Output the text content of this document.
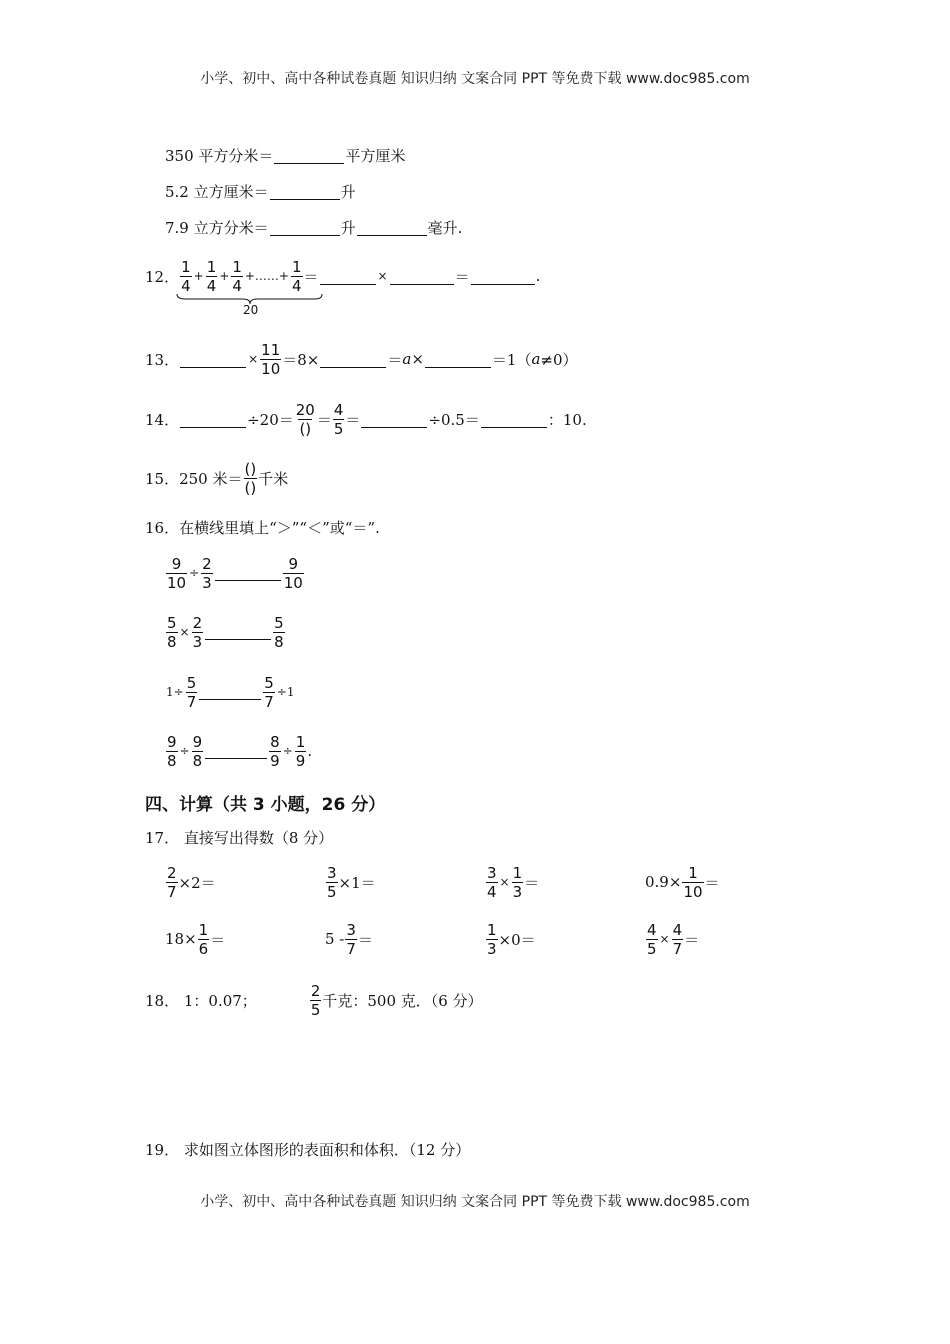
小学、初中、高中各种试卷真题 知识归纳 文案合同 PPT 等免费下载 www.doc985.com
350 平方分米＝	平方厘米
5.2 立方厘米＝	升
7.9 立方分米＝	升	毫升.
12． $\frac{1}{4} + \frac{1}{4} + \frac{1}{4}$ +……+ $\frac{1}{4}$ ＝	×	＝	.
20
13．	× $\frac{11}{10} =8\times$	＝ a ×	＝1（ a ≠0）
14．	$\div 20= \frac{20}{()} = \frac{4}{5}$ ＝	÷0.5＝	：10.
15． 250 米＝ $\frac{()}{()}$ 千米
16． 在横线里填上“＞”“＜”或“＝”.
$\frac{9}{10} \div \frac{2}{3}$	$\frac{9}{10}$
$\frac{5}{8} \times \frac{2}{3}$	$\frac{5}{8}$
$1\div \frac{5}{7}$	$\frac{5}{7} \div 1$
$\frac{9}{8} \div \frac{9}{8}$	$\frac{8}{9} \div \frac{1}{9}$ .
四、计算（共 3 小题，26 分）
17． 直接写出得数（8 分）
$\frac{2}{7} \times 2=$	$\frac{3}{5} \times 1=$	$\frac{3}{4} \times \frac{1}{3}$ ＝	$0.9\times \frac{1}{10}$ ＝
$18\times \frac{1}{6}$ ＝	$5 - \frac{3}{7}$ ＝	$\frac{1}{3} \times 0=$	$\frac{4}{5} \times \frac{4}{7}$ ＝
18． 1：0.07；	$\frac{2}{5}$ 千克：500 克．（6 分）
19． 求如图立体图形的表面积和体积．（12 分）
小学、初中、高中各种试卷真题 知识归纳 文案合同 PPT 等免费下载 www.doc985.com
